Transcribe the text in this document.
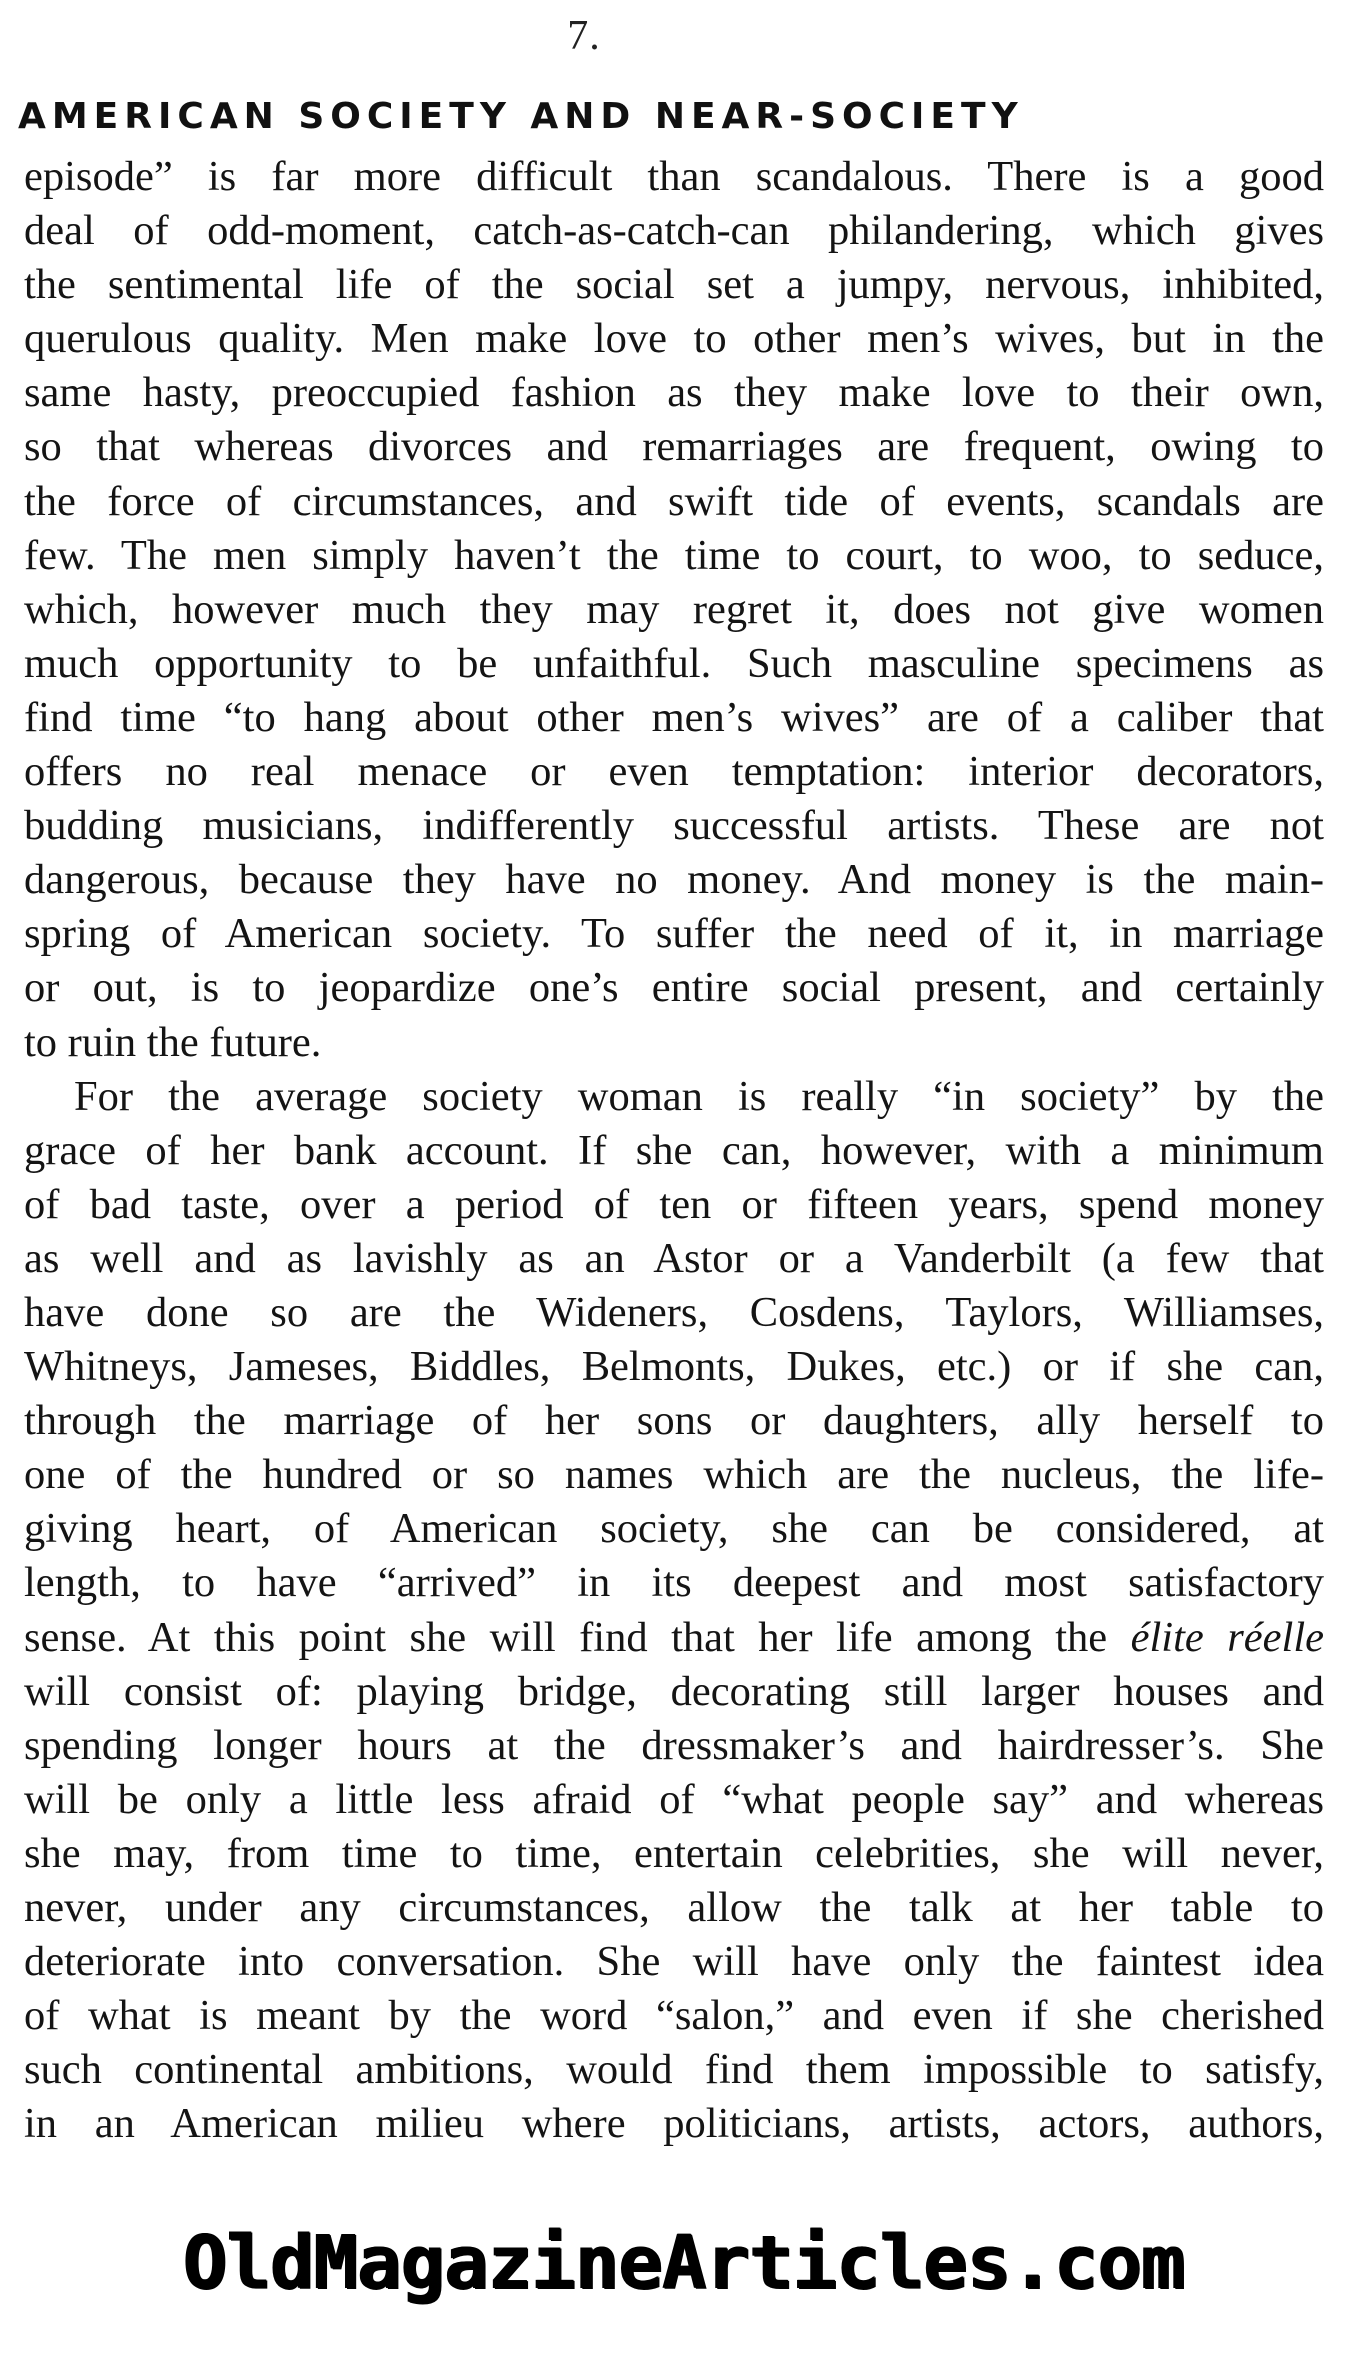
7.
AMERICAN SOCIETY AND NEAR-SOCIETY
episode” is far more difficult than scandalous. There is a good
deal of odd-moment, catch-as-catch-can philandering, which gives
the sentimental life of the social set a jumpy, nervous, inhibited,
querulous quality. Men make love to other men’s wives, but in the
same hasty, preoccupied fashion as they make love to their own,
so that whereas divorces and remarriages are frequent, owing to
the force of circumstances, and swift tide of events, scandals are
few. The men simply haven’t the time to court, to woo, to seduce,
which, however much they may regret it, does not give women
much opportunity to be unfaithful. Such masculine specimens as
find time “to hang about other men’s wives” are of a caliber that
offers no real menace or even temptation: interior decorators,
budding musicians, indifferently successful artists. These are not
dangerous, because they have no money. And money is the main-
spring of American society. To suffer the need of it, in marriage
or out, is to jeopardize one’s entire social present, and certainly
to ruin the future.
For the average society woman is really “in society” by the
grace of her bank account. If she can, however, with a minimum
of bad taste, over a period of ten or fifteen years, spend money
as well and as lavishly as an Astor or a Vanderbilt (a few that
have done so are the Wideners, Cosdens, Taylors, Williamses,
Whitneys, Jameses, Biddles, Belmonts, Dukes, etc.) or if she can,
through the marriage of her sons or daughters, ally herself to
one of the hundred or so names which are the nucleus, the life-
giving heart, of American society, she can be considered, at
length, to have “arrived” in its deepest and most satisfactory
sense. At this point she will find that her life among the élite réelle
will consist of: playing bridge, decorating still larger houses and
spending longer hours at the dressmaker’s and hairdresser’s. She
will be only a little less afraid of “what people say” and whereas
she may, from time to time, entertain celebrities, she will never,
never, under any circumstances, allow the talk at her table to
deteriorate into conversation. She will have only the faintest idea
of what is meant by the word “salon,” and even if she cherished
such continental ambitions, would find them impossible to satisfy,
in an American milieu where politicians, artists, actors, authors,
OldMagazineArticles.com
